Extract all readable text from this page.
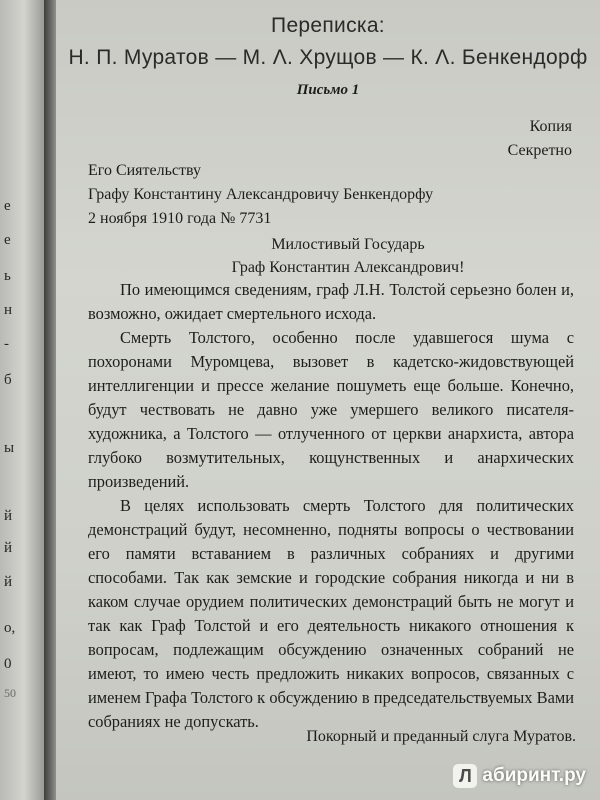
е
е
ь
н
-
б
ы
й
й
й
о,
0
50
Переписка:
Н. П. Муратов — М. Λ. Хрущов — К. Λ. Бенкендорф
Письмо 1
Копия
Секретно
Его Сиятельству
Графу Константину Александровичу Бенкендорфу
2 ноября 1910 года № 7731
Милостивый Государь
Граф Константин Александрович!

По имеющимся сведениям, граф Л.Н. Толстой серьезно болен и, возможно, ожидает смертельного исхода.

Смерть Толстого, особенно после удавшегося шума с похоронами Муромцева, вызовет в кадетско-жидовствующей интеллигенции и прессе желание пошуметь еще больше. Конечно, будут чествовать не давно уже умершего великого писателя-художника, а Толстого — отлученного от церкви анархиста, автора глубоко возмутительных, кощунственных и анархических произведений.

В целях использовать смерть Толстого для политических демонстраций будут, несомненно, подняты вопросы о чествовании его памяти вставанием в различных собраниях и другими способами. Так как земские и городские собрания никогда и ни в каком случае орудием политических демонстраций быть не могут и так как Граф Толстой и его деятельность никакого отношения к вопросам, подлежащим обсуждению означенных собраний не имеют, то имею честь предложить никаких вопросов, связанных с именем Графа Толстого к обсуждению в председательствуемых Вами собраниях не допускать.

Покорный и преданный слуга Муратов.
Л абиринт.ру
